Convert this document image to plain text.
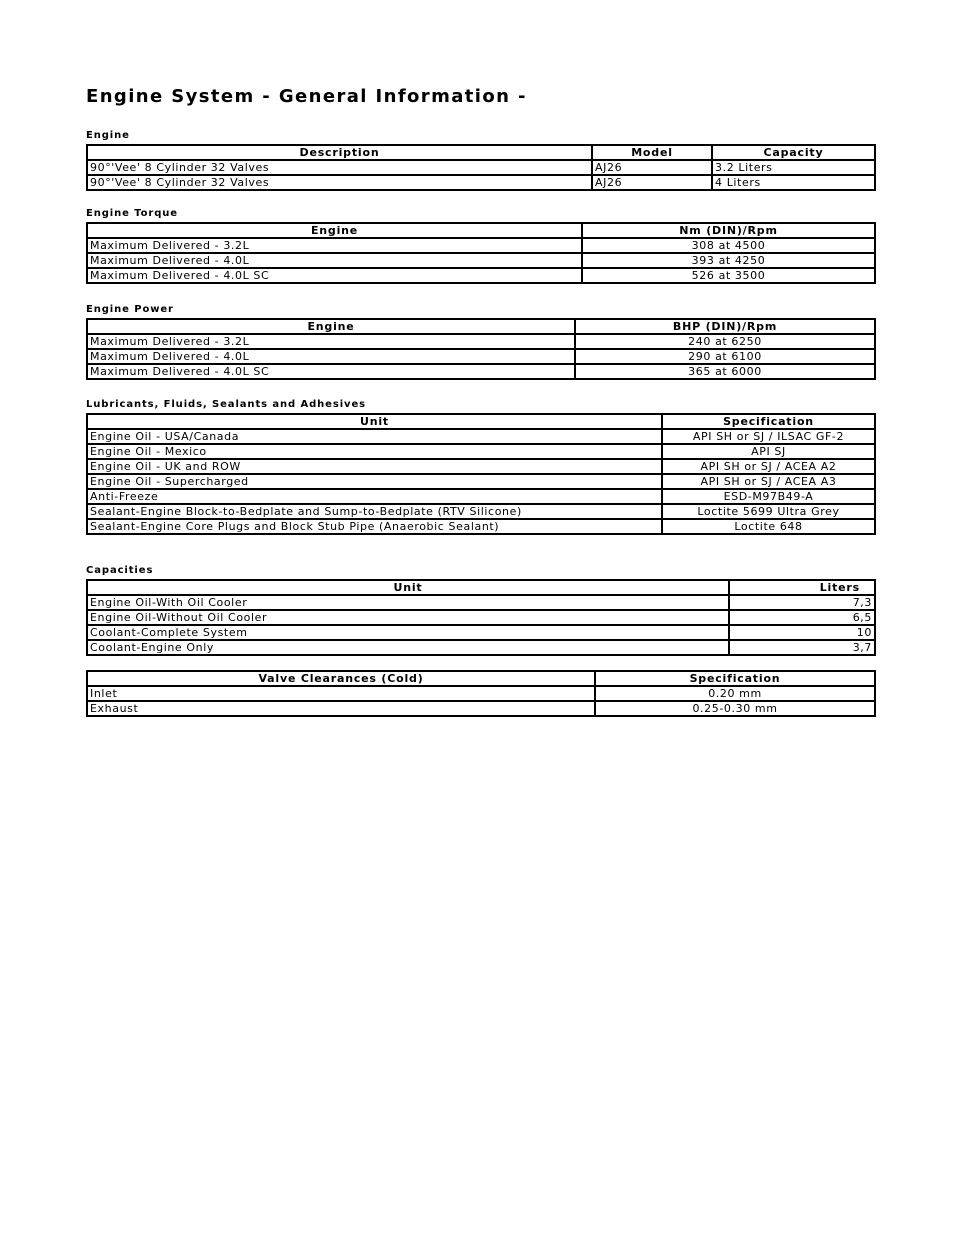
Engine System - General Information -
Engine
Description	Model	Capacity
90°'Vee' 8 Cylinder 32 Valves	AJ26	3.2 Liters
90°'Vee' 8 Cylinder 32 Valves	AJ26	4 Liters
Engine Torque
Engine	Nm (DIN)/Rpm
Maximum Delivered - 3.2L	308 at 4500
Maximum Delivered - 4.0L	393 at 4250
Maximum Delivered - 4.0L SC	526 at 3500
Engine Power
Engine	BHP (DIN)/Rpm
Maximum Delivered - 3.2L	240 at 6250
Maximum Delivered - 4.0L	290 at 6100
Maximum Delivered - 4.0L SC	365 at 6000
Lubricants, Fluids, Sealants and Adhesives
Unit	Specification
Engine Oil - USA/Canada	API SH or SJ / ILSAC GF-2
Engine Oil - Mexico	API SJ
Engine Oil - UK and ROW	API SH or SJ / ACEA A2
Engine Oil - Supercharged	API SH or SJ / ACEA A3
Anti-Freeze	ESD-M97B49-A
Sealant-Engine Block-to-Bedplate and Sump-to-Bedplate (RTV Silicone)	Loctite 5699 Ultra Grey
Sealant-Engine Core Plugs and Block Stub Pipe (Anaerobic Sealant)	Loctite 648
Capacities
Unit	Liters
Engine Oil-With Oil Cooler	7,3
Engine Oil-Without Oil Cooler	6,5
Coolant-Complete System	10
Coolant-Engine Only	3,7
Valve Clearances (Cold)	Specification
Inlet	0.20 mm
Exhaust	0.25-0.30 mm
